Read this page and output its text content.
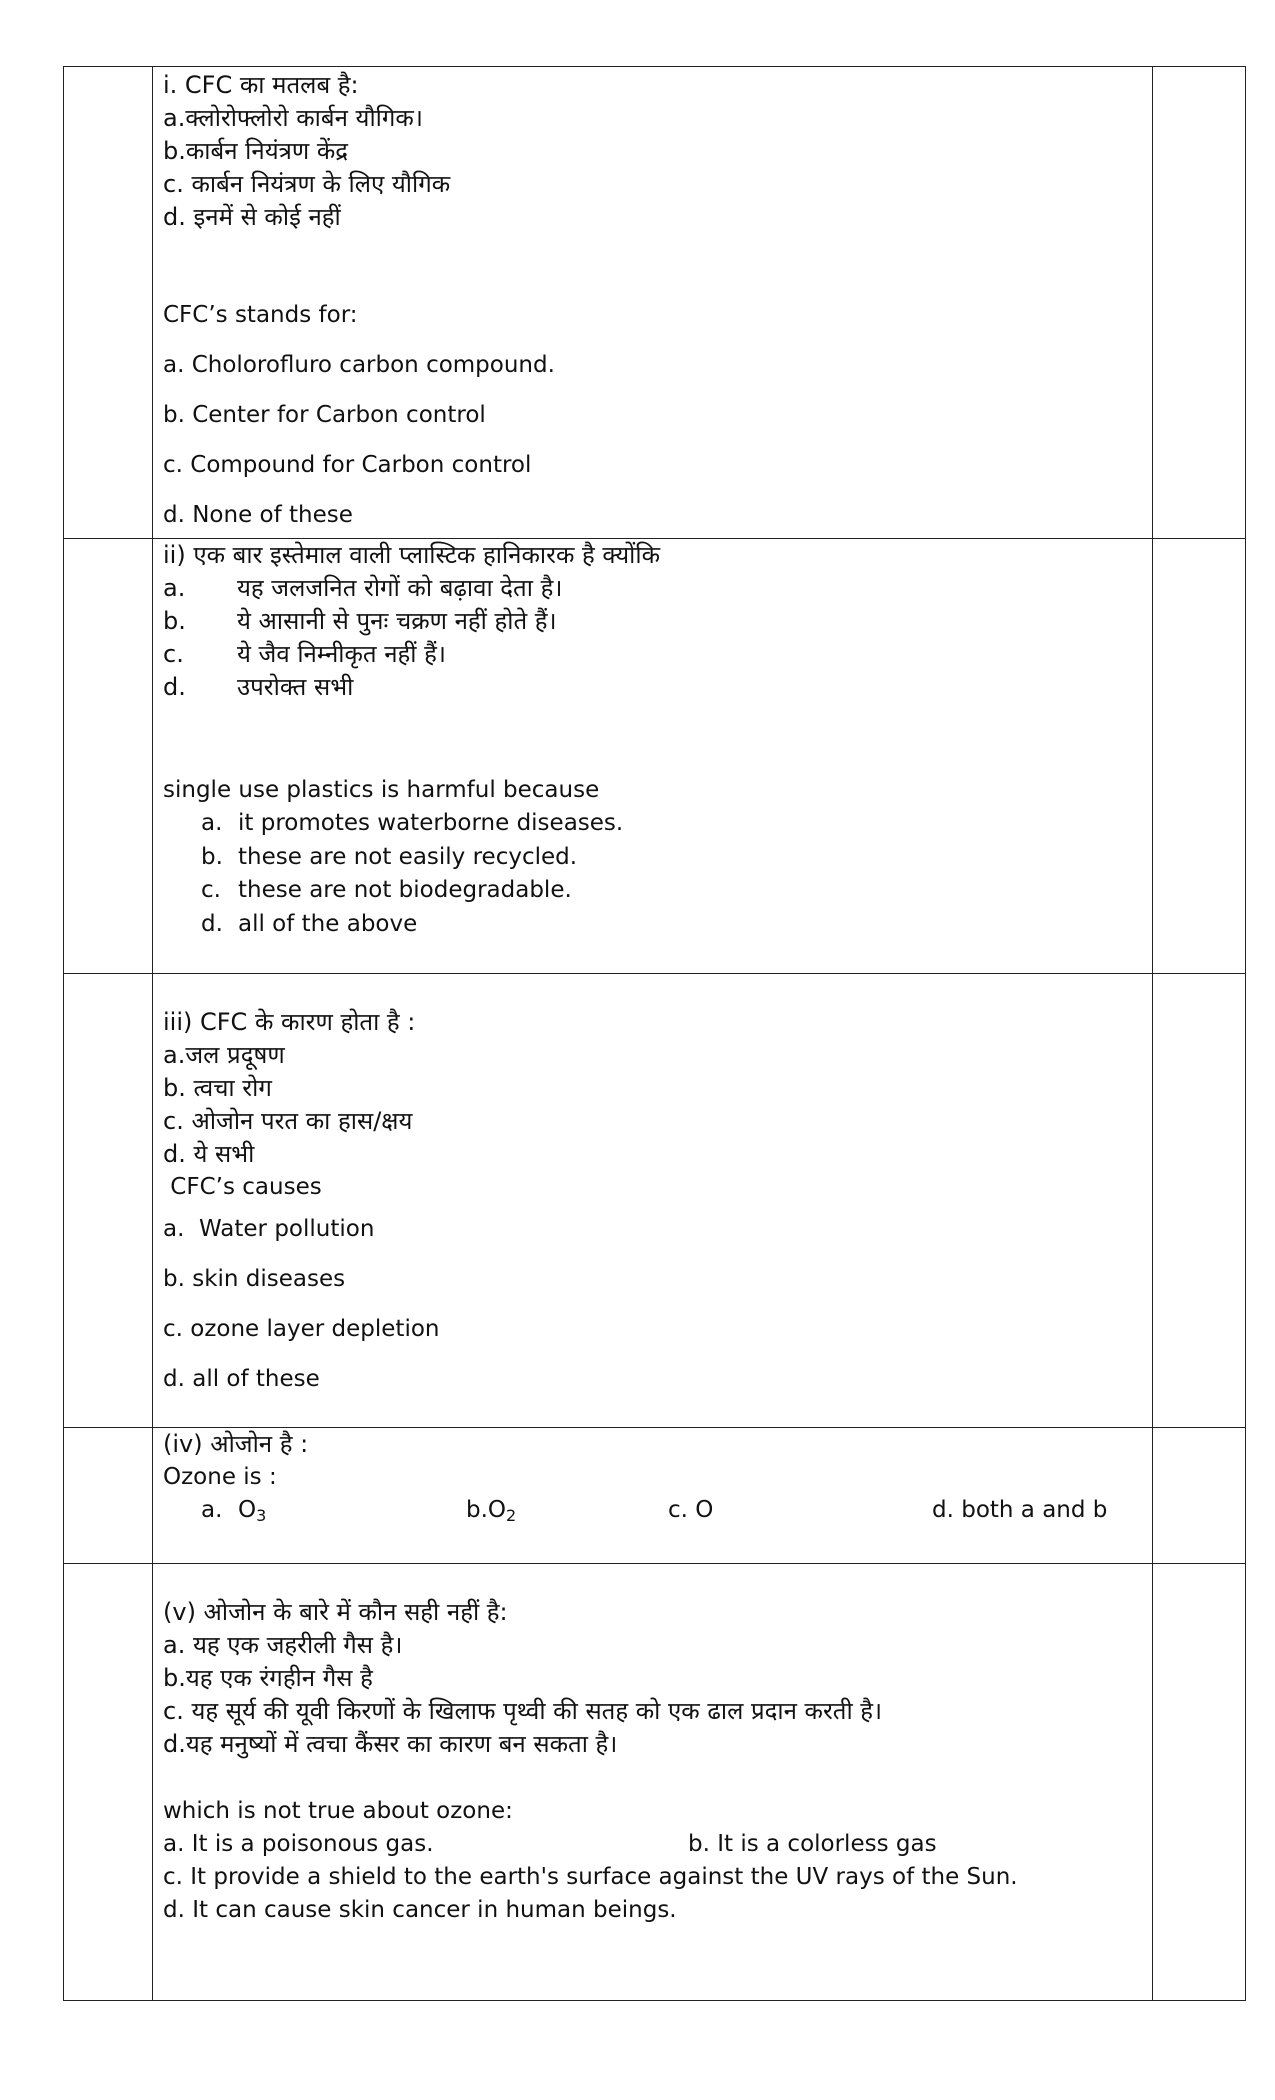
i. CFC का मतलब है:
a.क्लोरोफ्लोरो कार्बन यौगिक।
b.कार्बन नियंत्रण केंद्र
c. कार्बन नियंत्रण के लिए यौगिक
d. इनमें से कोई नहीं
CFC’s stands for:
a. Cholorofluro carbon compound.
b. Center for Carbon control
c. Compound for Carbon control
d. None of these
ii) एक बार इस्तेमाल वाली प्लास्टिक हानिकारक है क्योंकि
a.	यह जलजनित रोगों को बढ़ावा देता है।
b.	ये आसानी से पुनः चक्रण नहीं होते हैं।
c.	ये जैव निम्नीकृत नहीं हैं।
d.	उपरोक्त सभी
single use plastics is harmful because
a. it promotes waterborne diseases.
b. these are not easily recycled.
c. these are not biodegradable.
d. all of the above
iii) CFC के कारण होता है :
a.जल प्रदूषण
b. त्वचा रोग
c. ओजोन परत का हास/क्षय
d. ये सभी
CFC’s causes
a.  Water pollution
b. skin diseases
c. ozone layer depletion
d. all of these
(iv) ओजोन है :
Ozone is :
a. $O_3$	$b.O_2$	c. O	d. both a and b
(v) ओजोन के बारे में कौन सही नहीं है:
a. यह एक जहरीली गैस है।
b.यह एक रंगहीन गैस है
c. यह सूर्य की यूवी किरणों के खिलाफ पृथ्वी की सतह को एक ढाल प्रदान करती है।
d.यह मनुष्यों में त्वचा कैंसर का कारण बन सकता है।
which is not true about ozone:
a. It is a poisonous gas.	b. It is a colorless gas
c. It provide a shield to the earth's surface against the UV rays of the Sun.
d. It can cause skin cancer in human beings.
